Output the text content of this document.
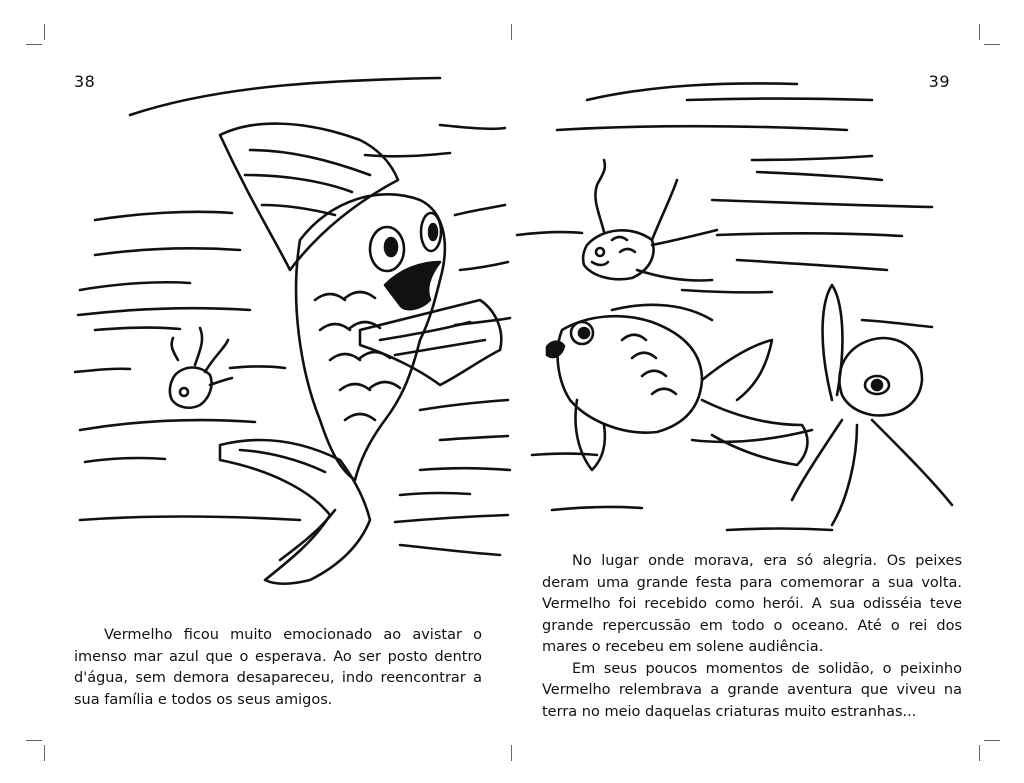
38

Vermelho ficou muito emocionado ao avistar o imenso mar azul que o esperava. Ao ser posto dentro d'água, sem demora desapareceu, indo reencontrar a sua família e todos os seus amigos.

39

No lugar onde morava, era só alegria. Os peixes deram uma grande festa para comemorar a sua volta. Vermelho foi recebido como herói. A sua odisséia teve grande repercussão em todo o oceano. Até o rei dos mares o recebeu em solene audiência.

Em seus poucos momentos de solidão, o peixinho Vermelho relembrava a grande aventura que viveu na terra no meio daquelas criaturas muito estranhas...
